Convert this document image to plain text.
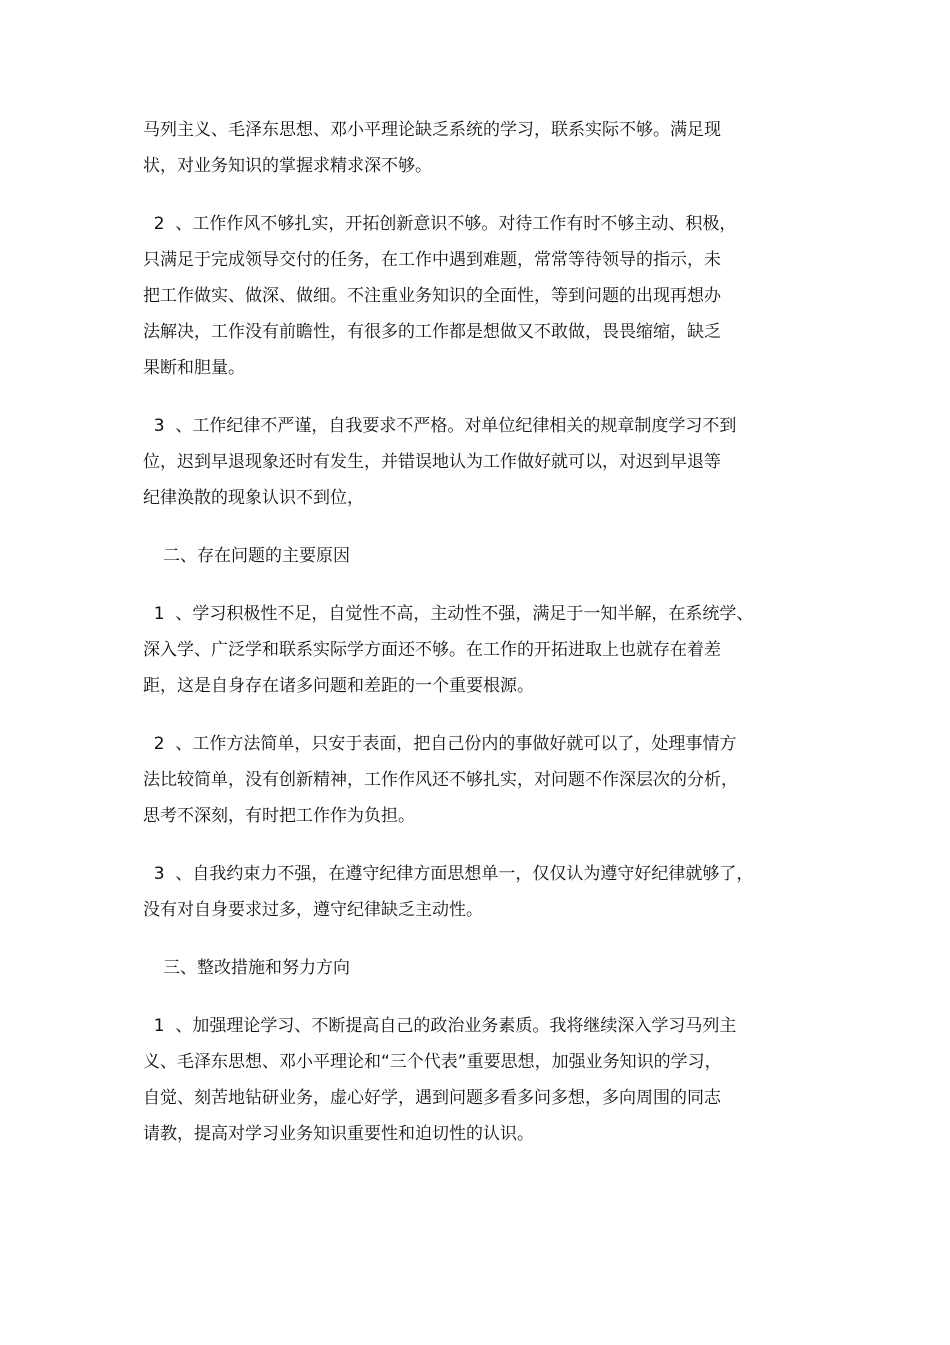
马列主义、毛泽东思想、邓小平理论缺乏系统的学习，联系实际不够。满足现
状，对业务知识的掌握求精求深不够。
2  、工作作风不够扎实，开拓创新意识不够。对待工作有时不够主动、积极，
只满足于完成领导交付的任务，在工作中遇到难题，常常等待领导的指示，未
把工作做实、做深、做细。不注重业务知识的全面性，等到问题的出现再想办
法解决，工作没有前瞻性，有很多的工作都是想做又不敢做，畏畏缩缩，缺乏
果断和胆量。
3  、工作纪律不严谨，自我要求不严格。对单位纪律相关的规章制度学习不到
位，迟到早退现象还时有发生，并错误地认为工作做好就可以，对迟到早退等
纪律涣散的现象认识不到位，
二、存在问题的主要原因
1  、学习积极性不足，自觉性不高，主动性不强，满足于一知半解，在系统学、
深入学、广泛学和联系实际学方面还不够。在工作的开拓进取上也就存在着差
距，这是自身存在诸多问题和差距的一个重要根源。
2  、工作方法简单，只安于表面，把自己份内的事做好就可以了，处理事情方
法比较简单，没有创新精神，工作作风还不够扎实，对问题不作深层次的分析，
思考不深刻，有时把工作作为负担。
3  、自我约束力不强，在遵守纪律方面思想单一，仅仅认为遵守好纪律就够了，
没有对自身要求过多，遵守纪律缺乏主动性。
三、整改措施和努力方向
1  、加强理论学习、不断提高自己的政治业务素质。我将继续深入学习马列主
义、毛泽东思想、邓小平理论和“三个代表”重要思想，加强业务知识的学习，
自觉、刻苦地钻研业务，虚心好学，遇到问题多看多问多想，多向周围的同志
请教，提高对学习业务知识重要性和迫切性的认识。
